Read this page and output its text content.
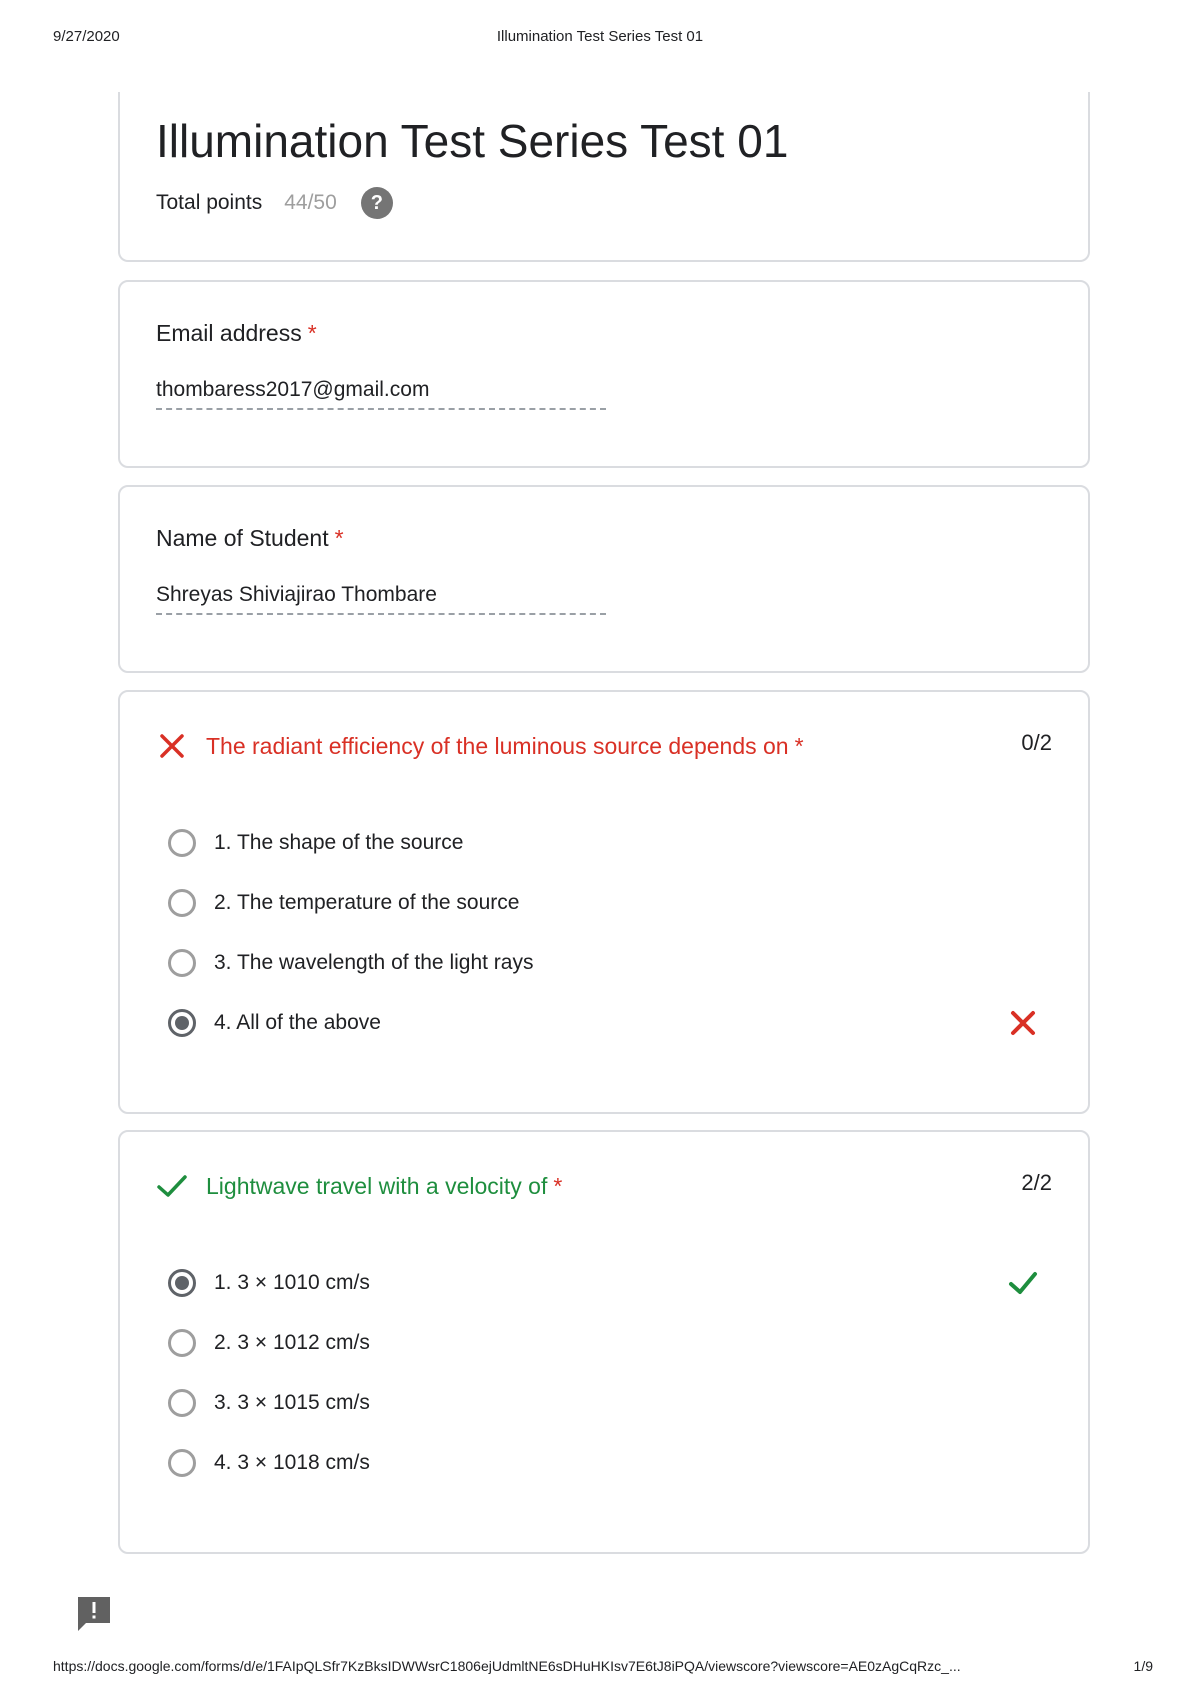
9/27/2020	Illumination Test Series Test 01
Illumination Test Series Test 01
Total points 44/50	?
Email address *
thombaress2017@gmail.com
Name of Student *
Shreyas Shiviajirao Thombare
The radiant efficiency of the luminous source depends on *	0/2
1. The shape of the source
2. The temperature of the source
3. The wavelength of the light rays
4. All of the above
Lightwave travel with a velocity of *	2/2
1. 3 × 1010 cm/s
2. 3 × 1012 cm/s
3. 3 × 1015 cm/s
4. 3 × 1018 cm/s
https://docs.google.com/forms/d/e/1FAIpQLSfr7KzBksIDWWsrC1806ejUdmltNE6sDHuHKIsv7E6tJ8iPQA/viewscore?viewscore=AE0zAgCqRzc_...	1/9
